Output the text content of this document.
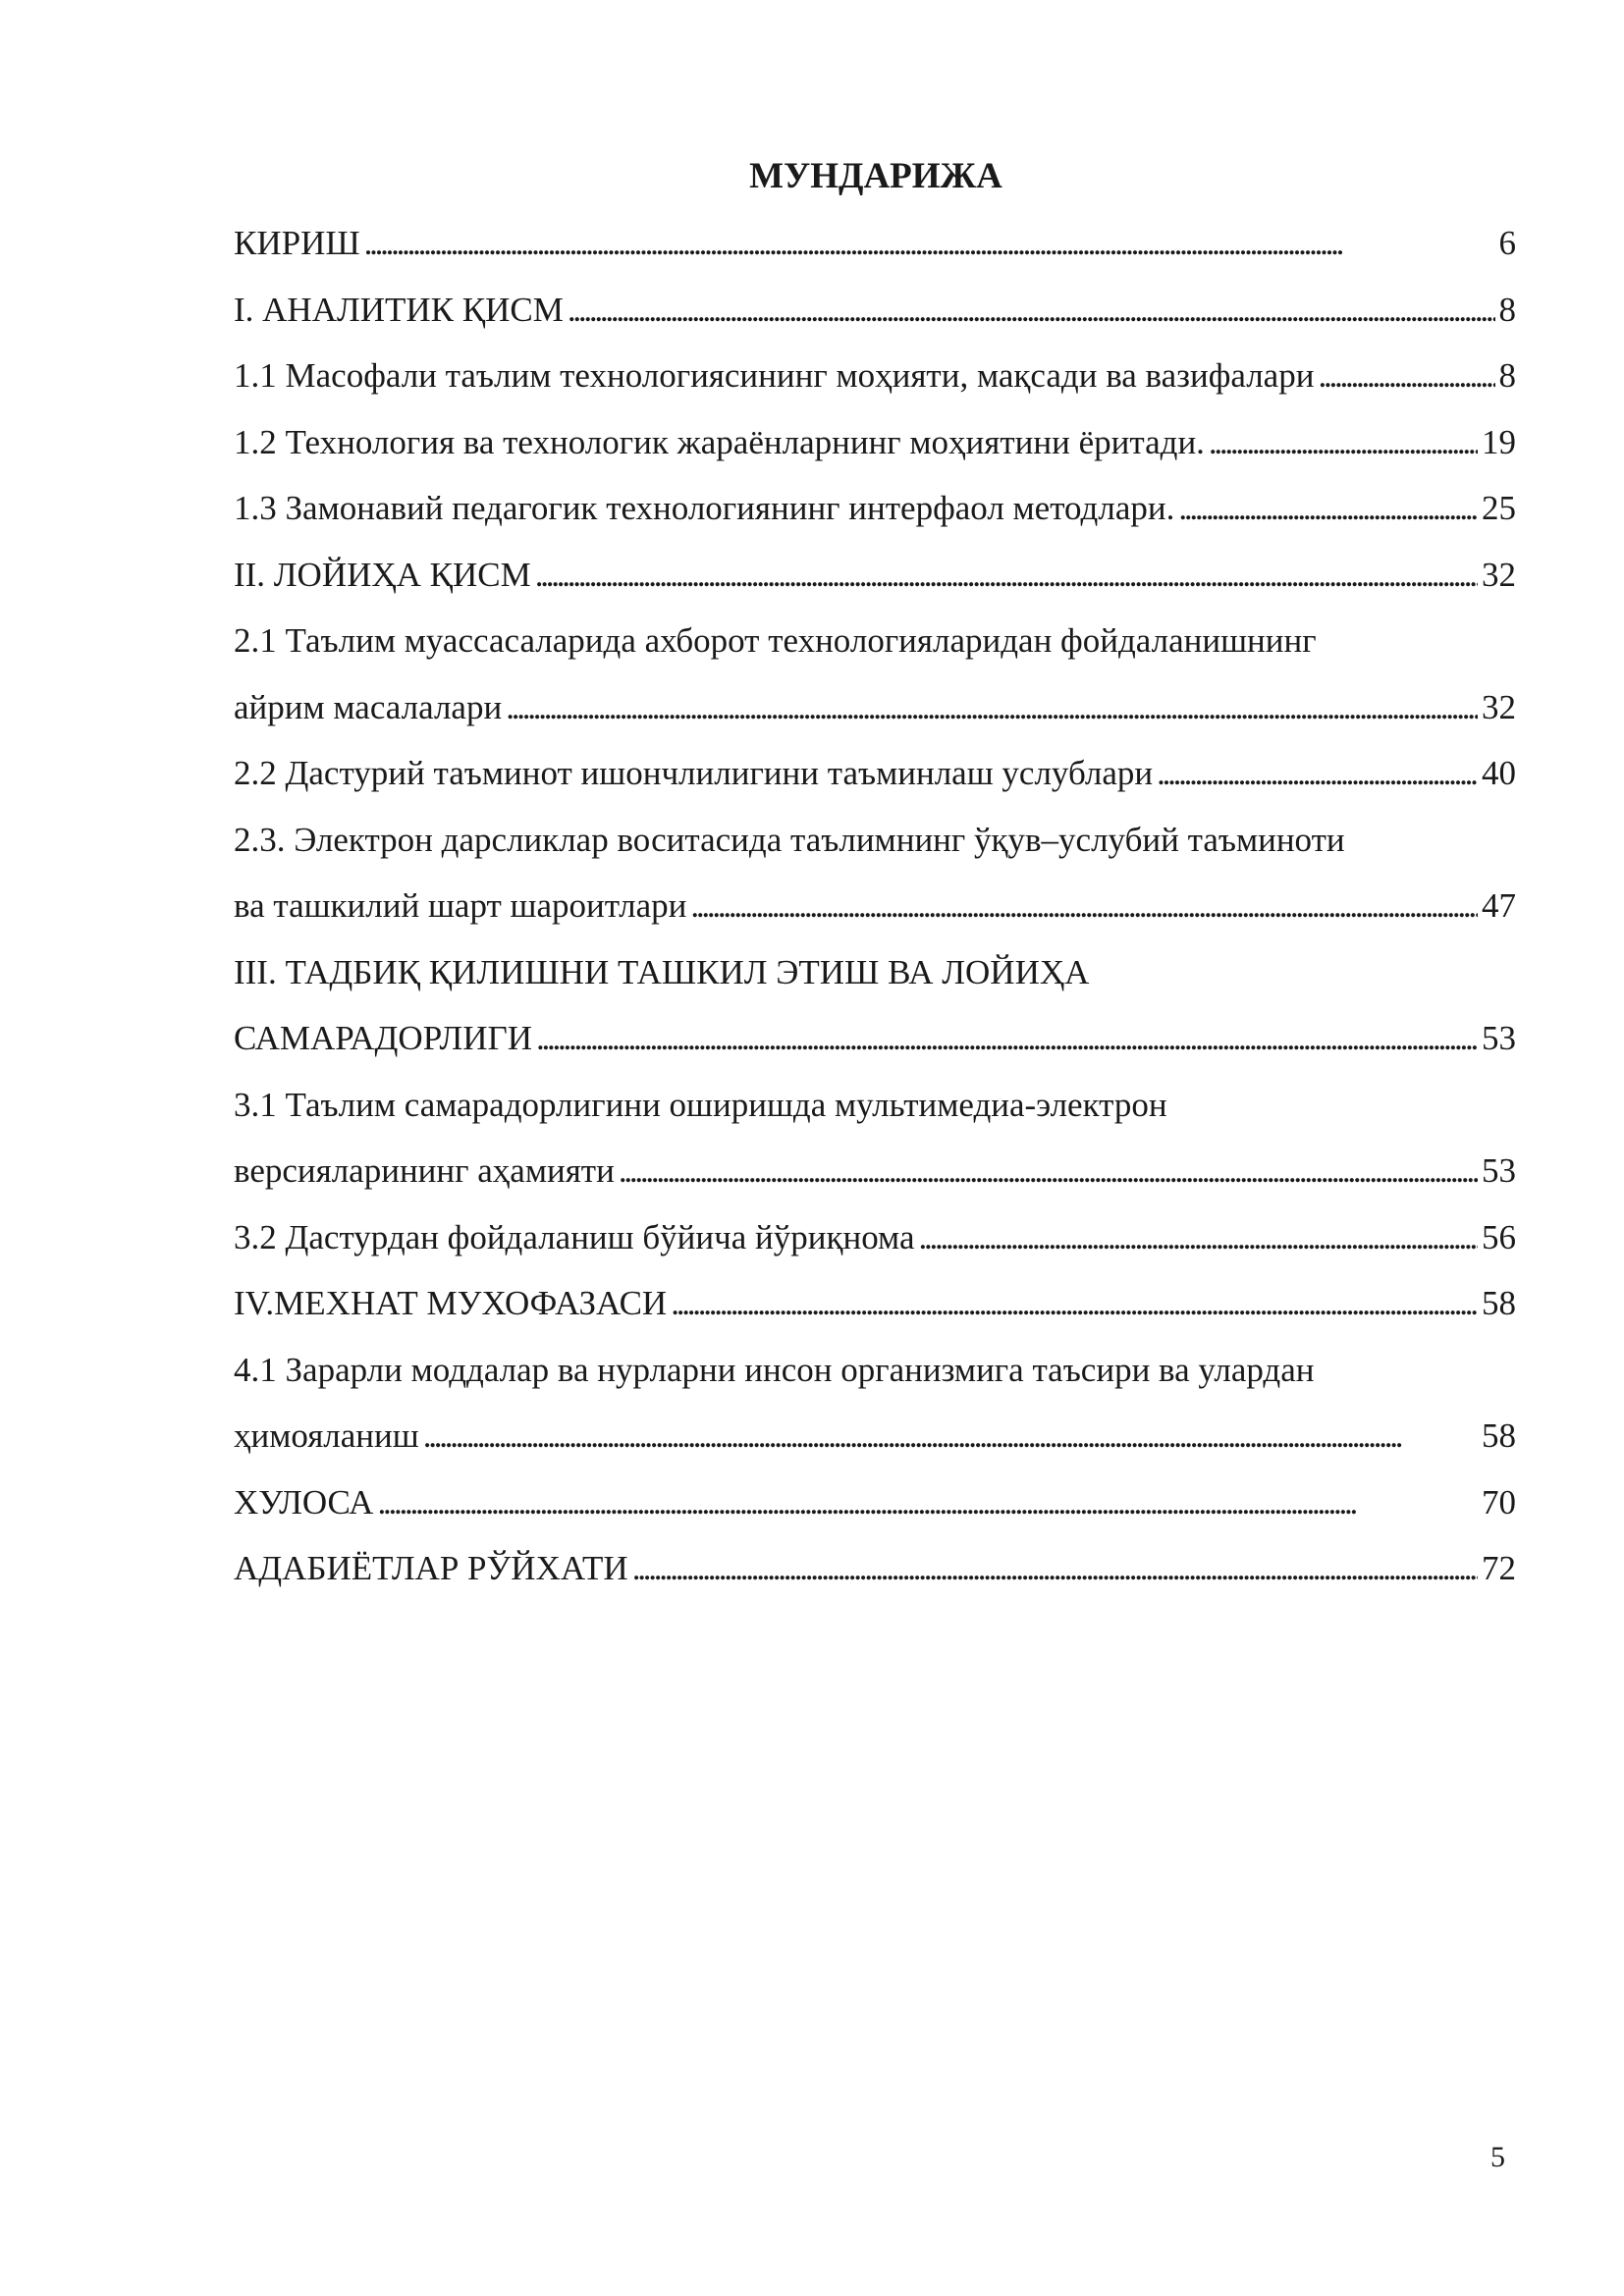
МУНДАРИЖА
КИРИШ . . .	6
I. АНАЛИТИК ҚИСМ . . .	8
1.1 Масофали таълим технологиясининг моҳияти, мақсади ва вазифалари . . .	8
1.2 Технология ва технологик жараёнларнинг моҳиятини ёритади. . . .	19
1.3 Замонавий педагогик технологиянинг интерфаол методлари. . . .	25
II. ЛОЙИҲА ҚИСМ . . .	32
2.1 Таълим муассасаларида ахборот технологияларидан фойдаланишнинг
айрим масалалари . . .	32
2.2 Дастурий таъминот ишончлилигини таъминлаш услублари . . .	40
2.3. Электрон дарсликлар воситасида таълимнинг ўқув–услубий таъминоти
ва ташкилий шарт шароитлари . . .	47
III. ТАДБИҚ ҚИЛИШНИ ТАШКИЛ ЭТИШ ВА ЛОЙИҲА
САМАРАДОРЛИГИ . . .	53
3.1 Таълим самарадорлигини оширишда мультимедиа-электрон
версияларининг аҳамияти . . .	53
3.2 Дастурдан фойдаланиш бўйича йўриқнома . . .	56
IV.МЕХНАТ МУХОФАЗАСИ . . .	58
4.1 Зарарли моддалар ва нурларни инсон организмига таъсири ва улардан
ҳимояланиш . . .	58
ХУЛОСА . . .	70
АДАБИЁТЛАР РЎЙХАТИ . . .	72
5
